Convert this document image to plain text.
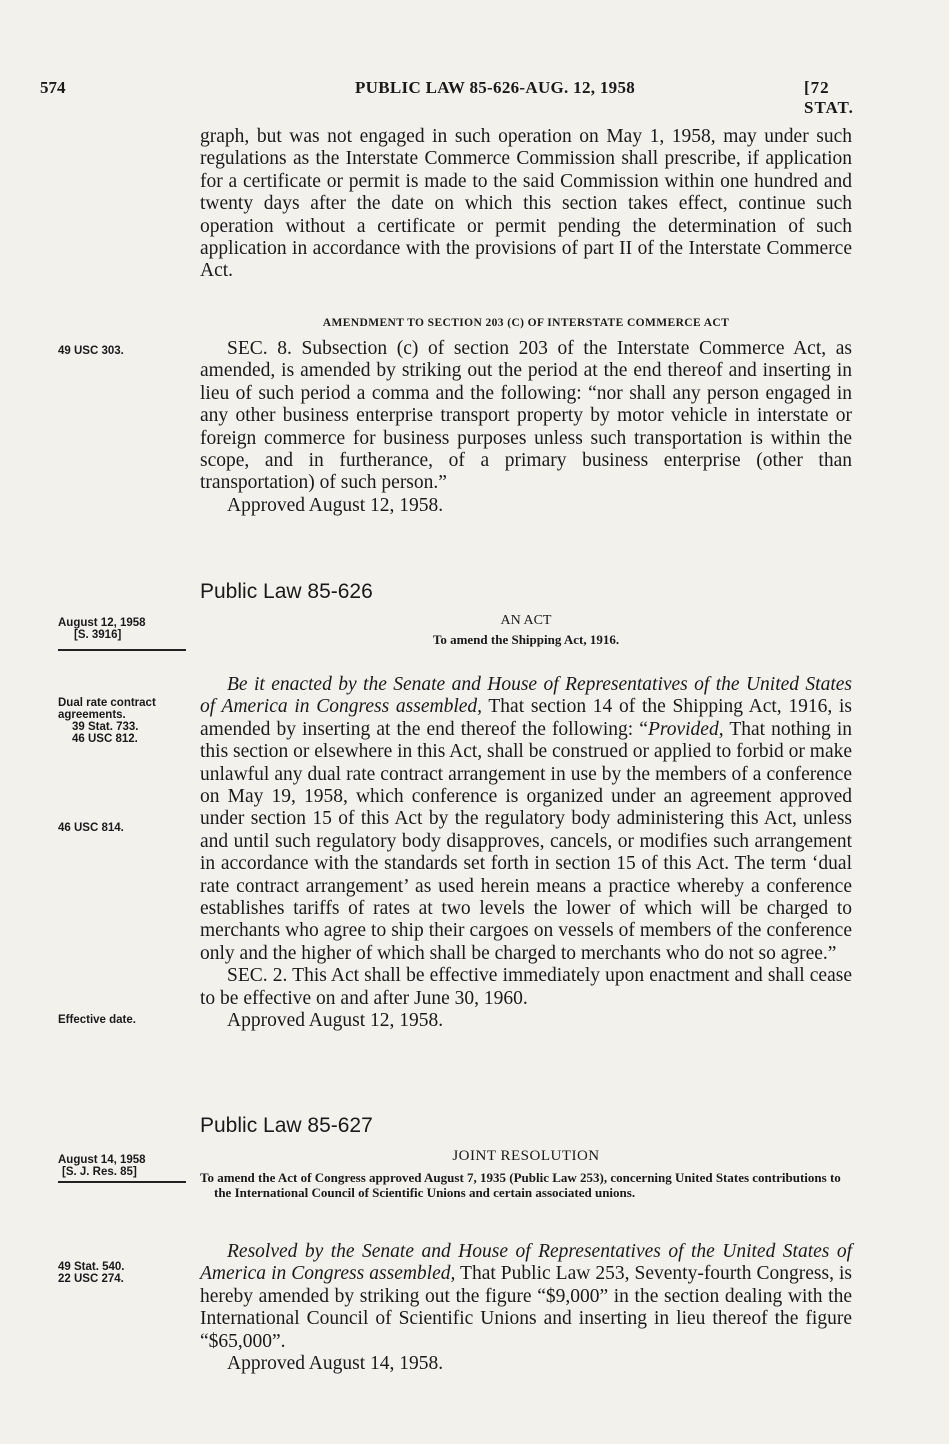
574	PUBLIC LAW 85-626-AUG. 12, 1958	[72 STAT.

graph, but was not engaged in such operation on May 1, 1958, may under such regulations as the Interstate Commerce Commission shall prescribe, if application for a certificate or permit is made to the said Commission within one hundred and twenty days after the date on which this section takes effect, continue such operation without a certificate or permit pending the determination of such application in accordance with the provisions of part II of the Interstate Commerce Act.

AMENDMENT TO SECTION 203 (C) OF INTERSTATE COMMERCE ACT
49 USC 303.	SEC. 8. Subsection (c) of section 203 of the Interstate Commerce Act, as amended, is amended by striking out the period at the end thereof and inserting in lieu of such period a comma and the following: “nor shall any person engaged in any other business enterprise transport property by motor vehicle in interstate or foreign commerce for business purposes unless such transportation is within the scope, and in furtherance, of a primary business enterprise (other than transportation) of such person.”

Approved August 12, 1958.

Public Law 85-626
August 12, 1958
[S. 3916]
AN ACT
To amend the Shipping Act, 1916.
Dual rate contract agreements.
39 Stat. 733.
46 USC 812.
46 USC 814.

Be it enacted by the Senate and House of Representatives of the United States of America in Congress assembled, That section 14 of the Shipping Act, 1916, is amended by inserting at the end thereof the following: “Provided, That nothing in this section or elsewhere in this Act, shall be construed or applied to forbid or make unlawful any dual rate contract arrangement in use by the members of a conference on May 19, 1958, which conference is organized under an agreement approved under section 15 of this Act by the regulatory body administering this Act, unless and until such regulatory body disapproves, cancels, or modifies such arrangement in accordance with the standards set forth in section 15 of this Act. The term ‘dual rate contract arrangement’ as used herein means a practice whereby a conference establishes tariffs of rates at two levels the lower of which will be charged to merchants who agree to ship their cargoes on vessels of members of the conference only and the higher of which shall be charged to merchants who do not so agree.”

SEC. 2. This Act shall be effective immediately upon enactment and shall cease to be effective on and after June 30, 1960.

Approved August 12, 1958.

Effective date.
Public Law 85-627
August 14, 1958
[S. J. Res. 85]
JOINT RESOLUTION

To amend the Act of Congress approved August 7, 1935 (Public Law 253), concerning United States contributions to the International Council of Scientific Unions and certain associated unions.

49 Stat. 540.
22 USC 274.

Resolved by the Senate and House of Representatives of the United States of America in Congress assembled, That Public Law 253, Seventy-fourth Congress, is hereby amended by striking out the figure “$9,000” in the section dealing with the International Council of Scientific Unions and inserting in lieu thereof the figure “$65,000”.

Approved August 14, 1958.
